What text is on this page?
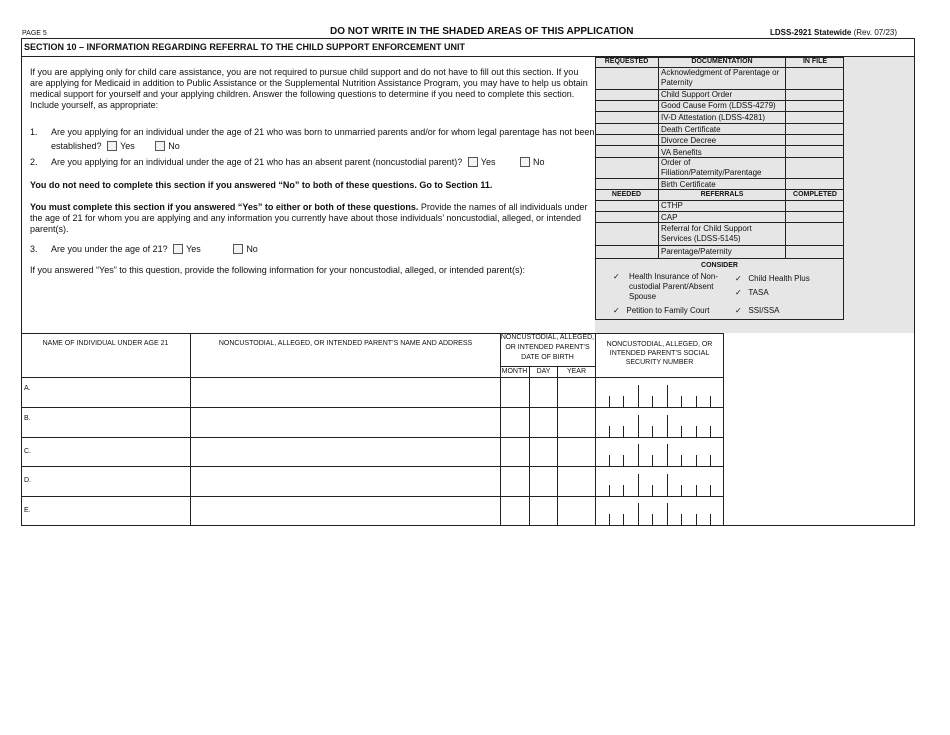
PAGE 5	DO NOT WRITE IN THE SHADED AREAS OF THIS APPLICATION	LDSS-2921 Statewide (Rev. 07/23)
SECTION 10 – INFORMATION REGARDING REFERRAL TO THE CHILD SUPPORT ENFORCEMENT UNIT
If you are applying only for child care assistance, you are not required to pursue child support and do not have to fill out this section. If you are applying for Medicaid in addition to Public Assistance or the Supplemental Nutrition Assistance Program, you may have to help us obtain medical support for yourself and your applying children. Answer the following questions to determine if you need to complete this section. Include yourself, as appropriate:
1. Are you applying for an individual under the age of 21 who was born to unmarried parents and/or for whom legal parentage has not been
established? Yes	No
2. Are you applying for an individual under the age of 21 who has an absent parent (noncustodial parent)? Yes	No
You do not need to complete this section if you answered “No” to both of these questions. Go to Section 11.
You must complete this section if you answered “Yes” to either or both of these questions. Provide the names of all individuals under the age of 21 for whom you are applying and any information you currently have about those individuals’ noncustodial, alleged, or intended parent(s).
3. Are you under the age of 21? Yes	No
If you answered “Yes” to this question, provide the following information for your noncustodial, alleged, or intended parent(s):
REQUESTED	DOCUMENTATION	IN FILE
Acknowledgment of Parentage or Paternity
Child Support Order
Good Cause Form (LDSS-4279)
IV-D Attestation (LDSS-4281)
Death Certificate
Divorce Decree
VA Benefits
Order of Filiation/Paternity/Parentage
Birth Certificate
NEEDED	REFERRALS	COMPLETED
CTHP
CAP
Referral for Child Support Services (LDSS-5145)
Parentage/Paternity
CONSIDER
✓	Health Insurance of Non-custodial Parent/Absent Spouse
✓ Child Health Plus
✓ TASA
✓ Petition to Family Court	✓ SSI/SSA
NAME OF INDIVIDUAL UNDER AGE 21	NONCUSTODIAL, ALLEGED, OR INTENDED PARENT’S NAME AND ADDRESS
NONCUSTODIAL, ALLEGED, OR INTENDED PARENT’S DATE OF BIRTH
MONTH	DAY	YEAR
NONCUSTODIAL, ALLEGED, OR INTENDED PARENT’S SOCIAL SECURITY NUMBER
A.
B.
C.
D.
E.
